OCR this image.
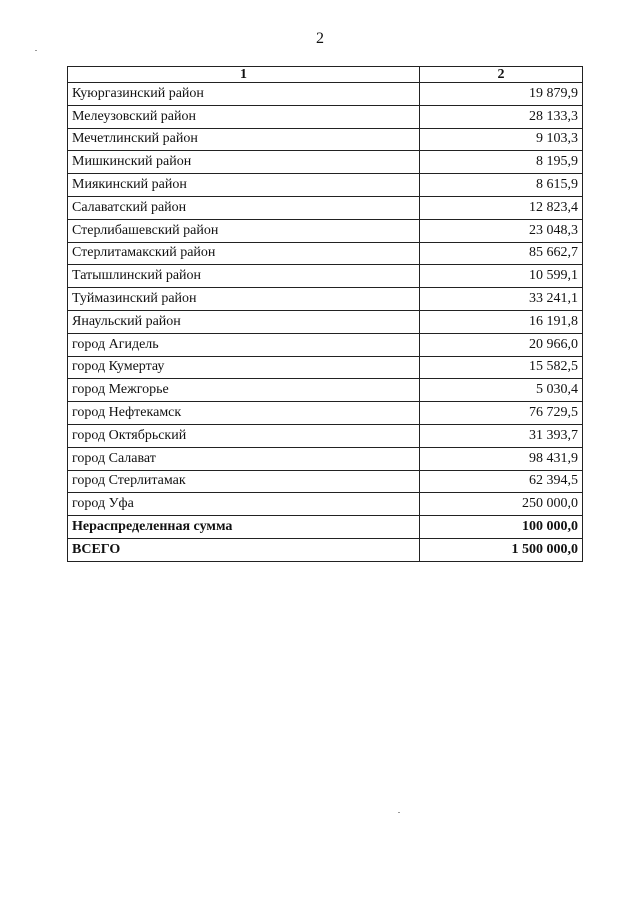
2
1	2
Куюргазинский район	19 879,9
Мелеузовский район	28 133,3
Мечетлинский район	9 103,3
Мишкинский район	8 195,9
Миякинский район	8 615,9
Салаватский район	12 823,4
Стерлибашевский район	23 048,3
Стерлитамакский район	85 662,7
Татышлинский район	10 599,1
Туймазинский район	33 241,1
Янаульский район	16 191,8
город Агидель	20 966,0
город Кумертау	15 582,5
город Межгорье	5 030,4
город Нефтекамск	76 729,5
город Октябрьский	31 393,7
город Салават	98 431,9
город Стерлитамак	62 394,5
город Уфа	250 000,0
Нераспределенная сумма	100 000,0
ВСЕГО	1 500 000,0
